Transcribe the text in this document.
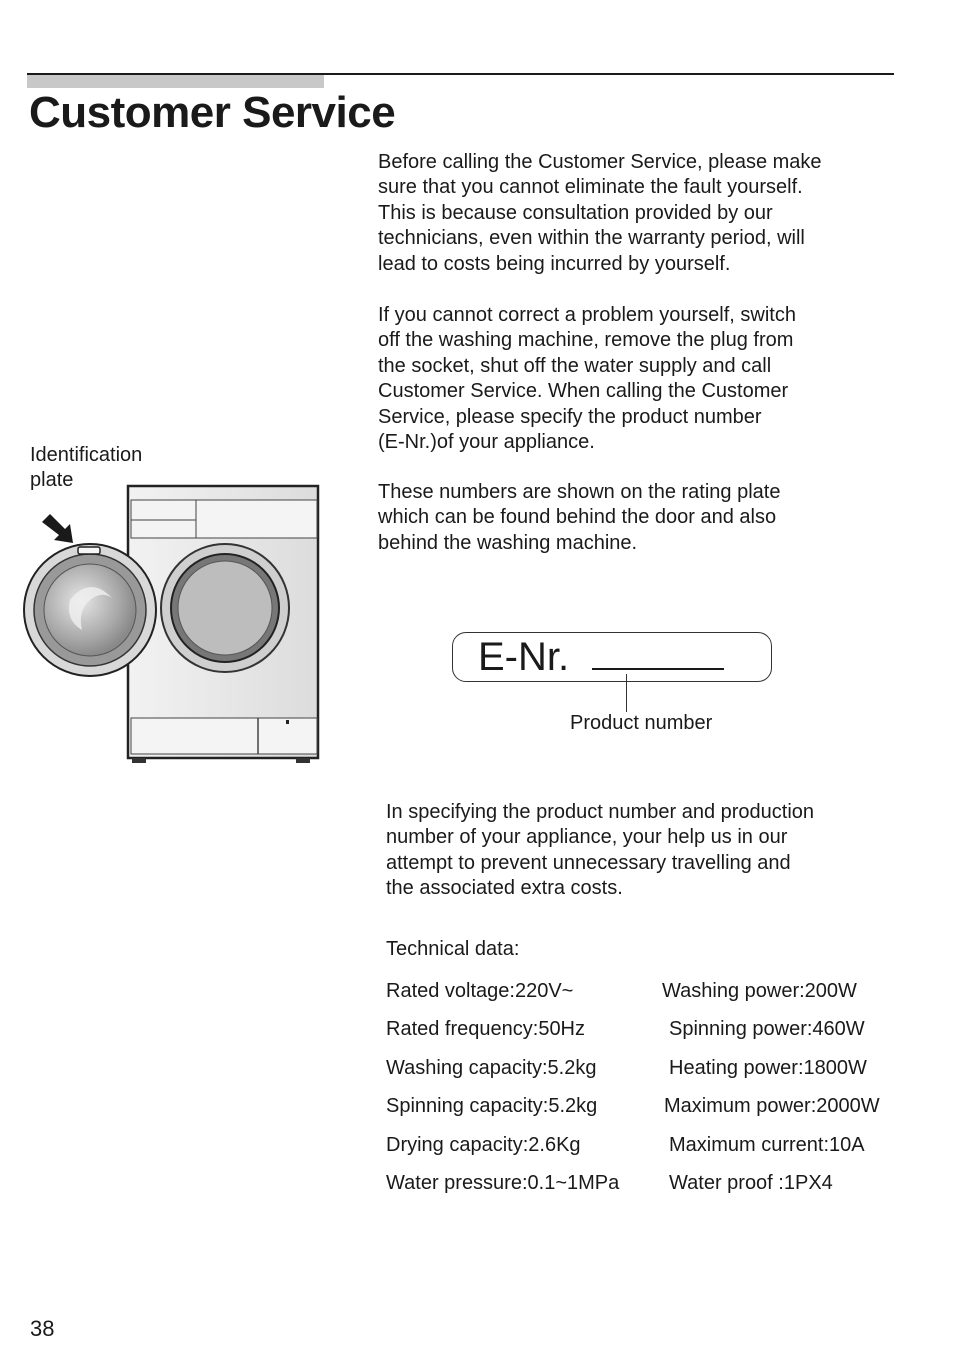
Customer Service

Before calling the Customer Service, please make
sure that you cannot eliminate the fault yourself.
This is because consultation provided by our
technicians, even within the warranty period, will
lead to costs being incurred by yourself.

If you cannot correct a problem yourself, switch
off the washing machine, remove the plug from
the socket, shut off the water supply and call
Customer Service. When calling the Customer
Service, please specify the product number
(E-Nr.)of your appliance.

These numbers are shown on the rating plate
which can be found behind the door and also
behind the washing machine.

Identification
plate
E-Nr.
Product number

In specifying the product number and production
number of your appliance, your help us in our
attempt to prevent unnecessary travelling and
the associated extra costs.

Technical data:
Rated voltage:220V~
Rated frequency:50Hz
Washing capacity:5.2kg
Spinning capacity:5.2kg
Drying capacity:2.6Kg
Water pressure:0.1~1MPa
Washing power:200W
Spinning power:460W
Heating power:1800W
Maximum power:2000W
Maximum current:10A
Water proof :1PX4
38
